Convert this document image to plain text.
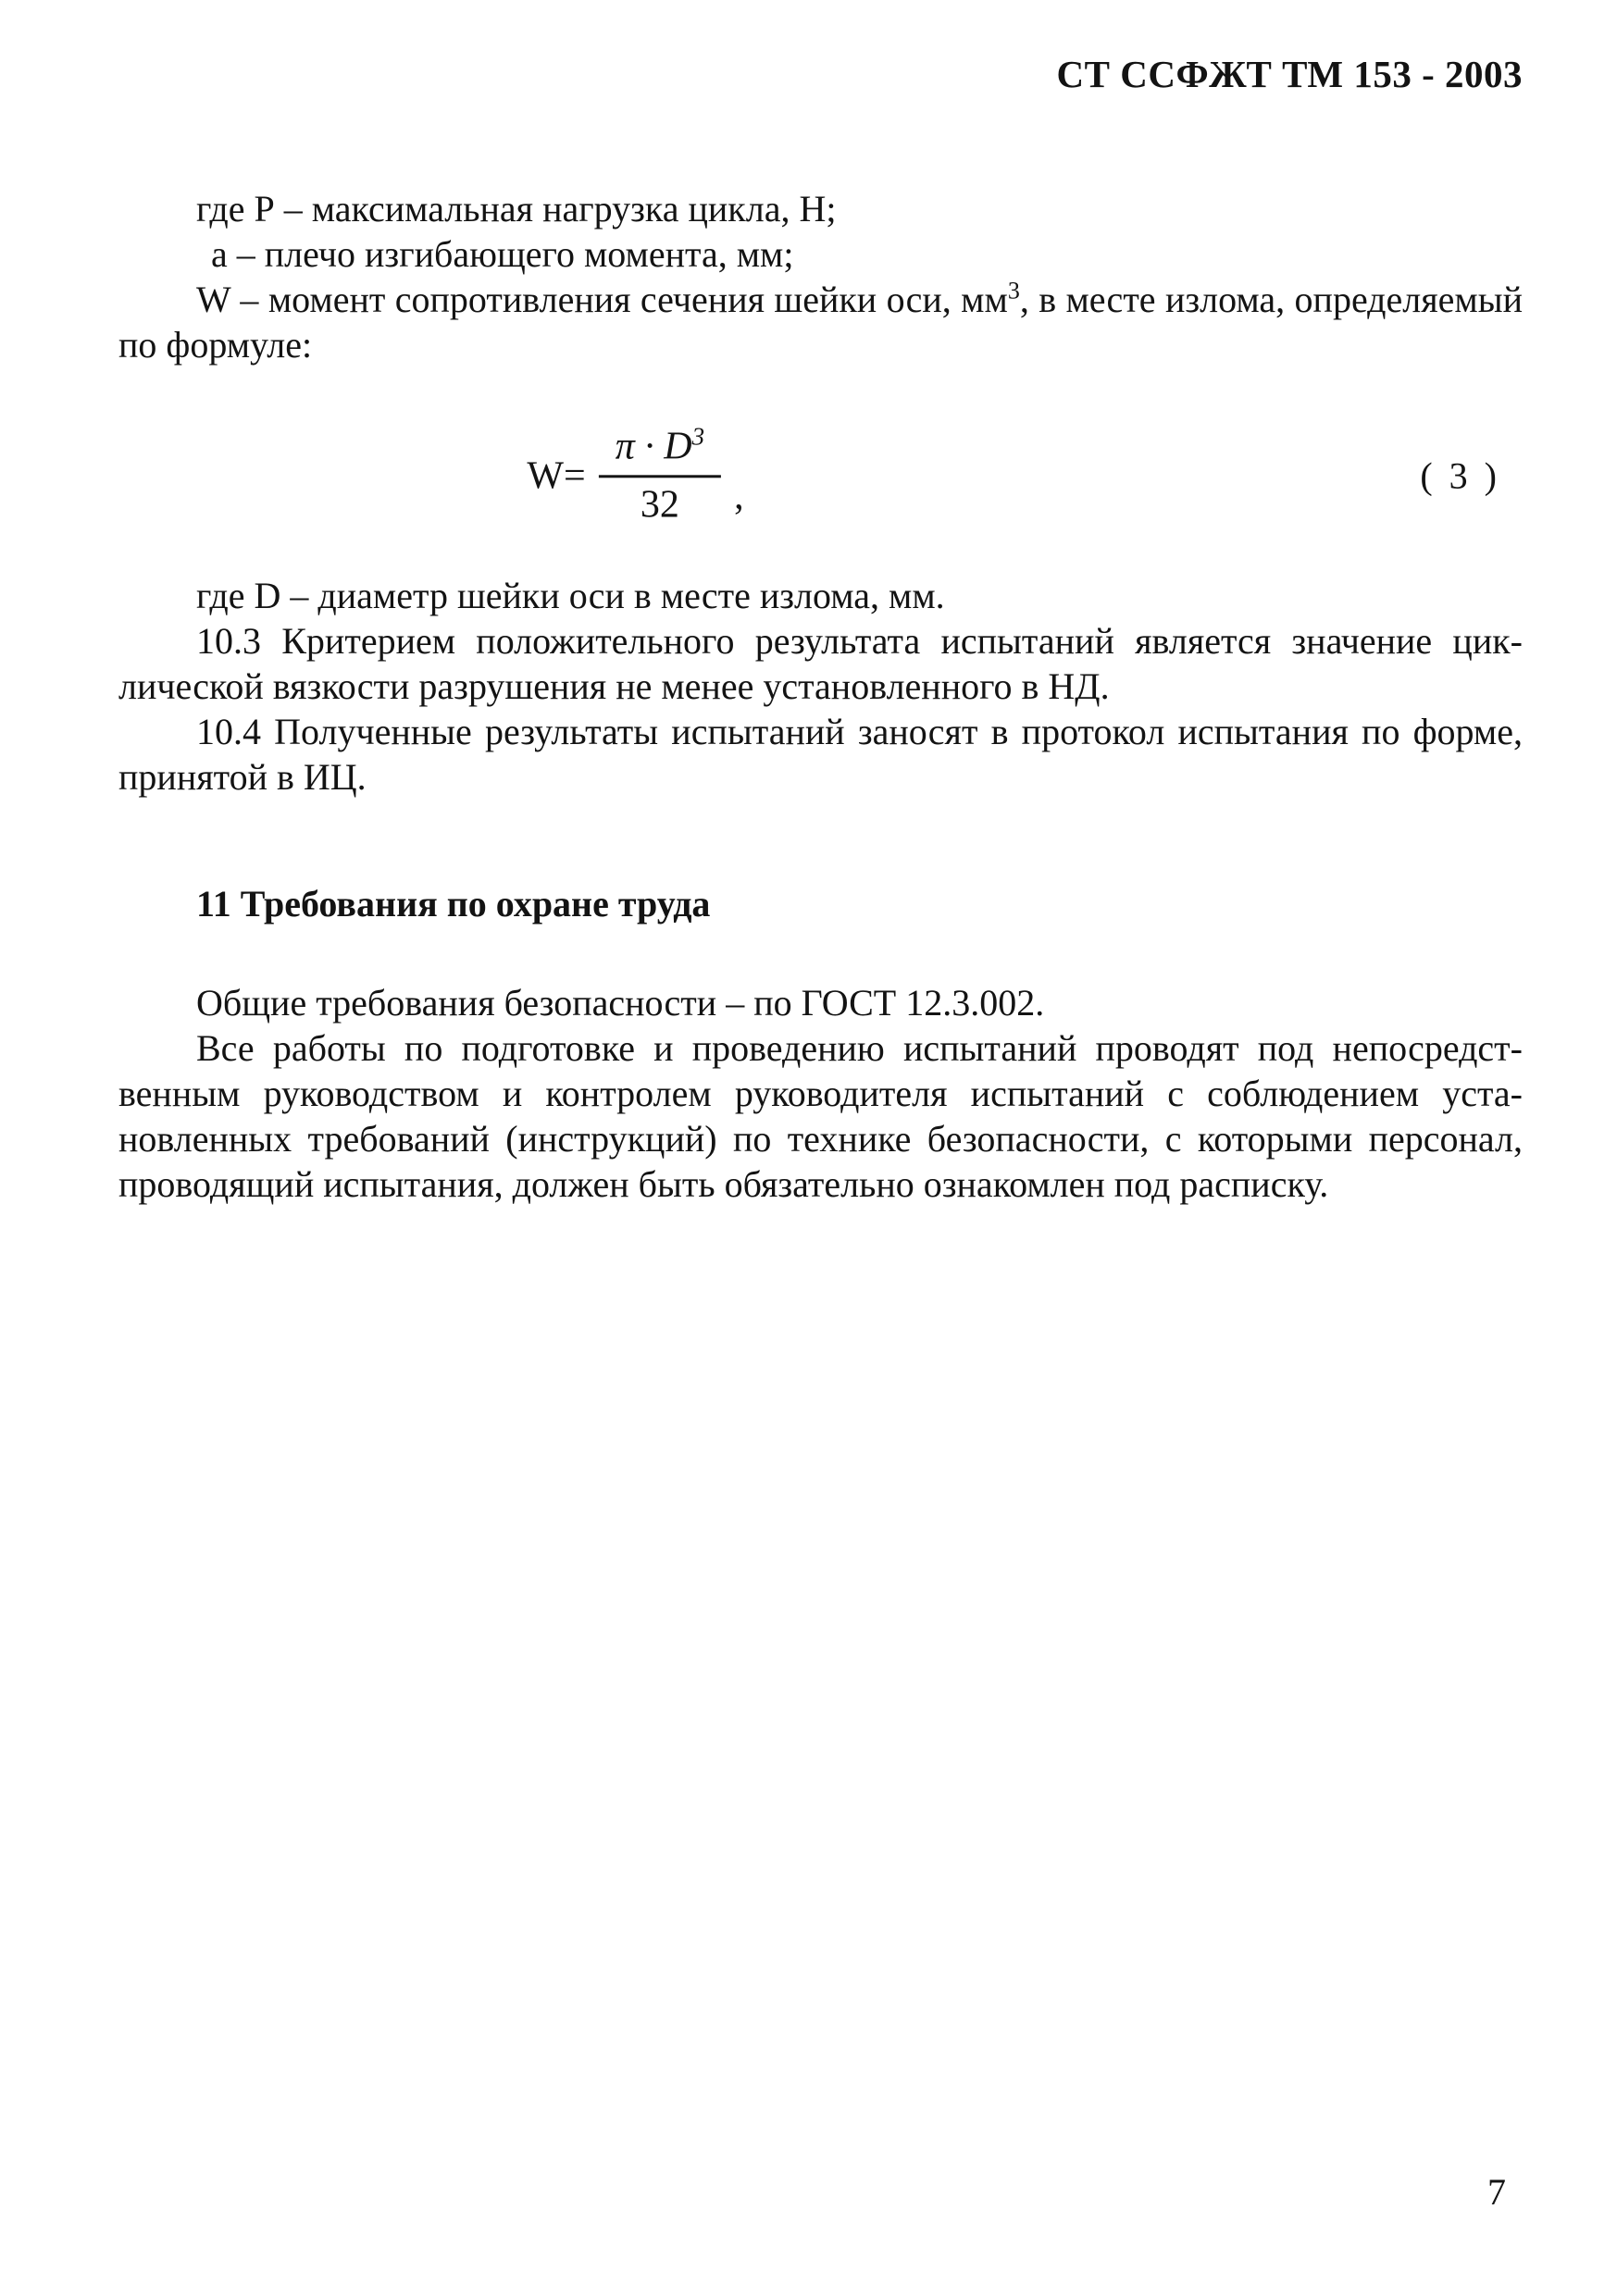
СТ ССФЖТ ТМ 153 - 2003

где Р – максимальная нагрузка цикла, Н;

а – плечо изгибающего момента, мм;

W – момент сопротивления сечения шейки оси, $мм^3$, в месте излома, определяемый по формуле:

$W= \frac{\pi \cdot D^3}{32}$ ,	( 3 )

где D – диаметр шейки оси в месте излома, мм.

10.3 Критерием положительного результата испытаний является значение циклической вязкости разрушения не менее установленного в НД.

10.4 Полученные результаты испытаний заносят в протокол испытания по форме, принятой в ИЦ.

11 Требования по охране труда

Общие требования безопасности – по ГОСТ 12.3.002.

Все работы по подготовке и проведению испытаний проводят под непосредственным руководством и контролем руководителя испытаний с соблюдением установленных требований (инструкций) по технике безопасности, с которыми персонал, проводящий испытания, должен быть обязательно ознакомлен под расписку.

7
